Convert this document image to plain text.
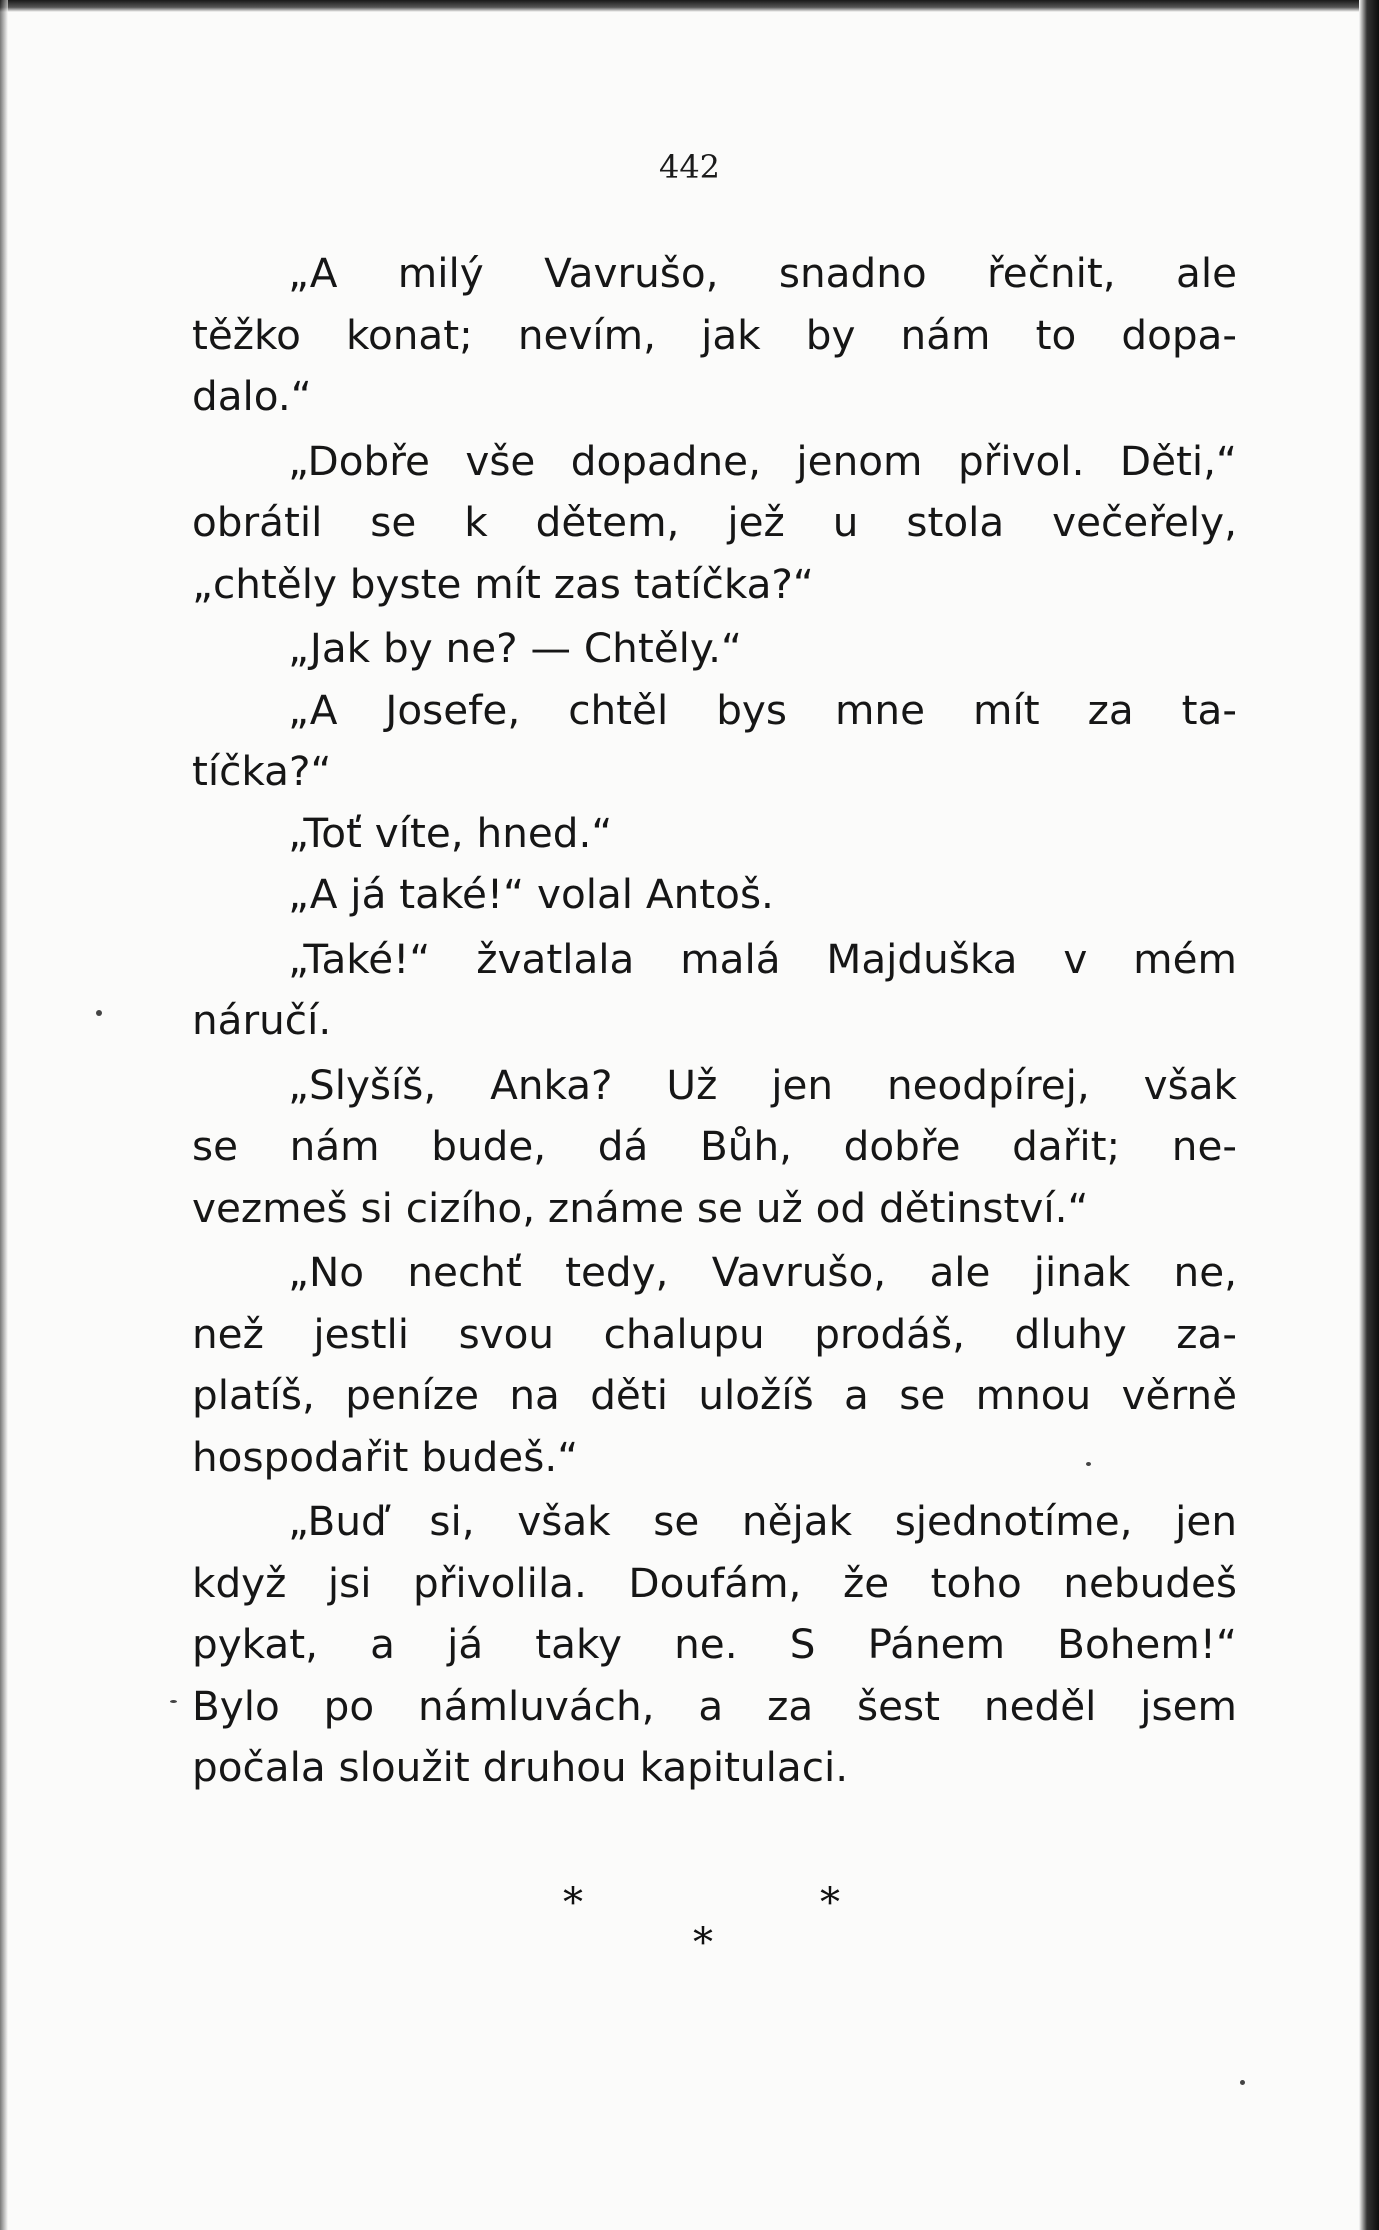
442
„A milý Vavrušo, snadno řečnit, ale
těžko konat; nevím, jak by nám to dopa-
dalo.“
„Dobře vše dopadne, jenom přivol. Děti,“
obrátil se k dětem, jež u stola večeřely,
„chtěly byste mít zas tatíčka?“
„Jak by ne? — Chtěly.“
„A Josefe, chtěl bys mne mít za ta-
tíčka?“
„Toť víte, hned.“
„A já také!“ volal Antoš.
„Také!“ žvatlala malá Majduška v mém
náručí.
„Slyšíš, Anka? Už jen neodpírej, však
se nám bude, dá Bůh, dobře dařit; ne-
vezmeš si cizího, známe se už od dětinství.“
„No nechť tedy, Vavrušo, ale jinak ne,
než jestli svou chalupu prodáš, dluhy za-
platíš, peníze na děti uložíš a se mnou věrně
hospodařit budeš.“
„Buď si, však se nějak sjednotíme, jen
když jsi přivolila. Doufám, že toho nebudeš
pykat, a já taky ne. S Pánem Bohem!“
Bylo po námluvách, a za šest neděl jsem
počala sloužit druhou kapitulaci.
*	*
*
